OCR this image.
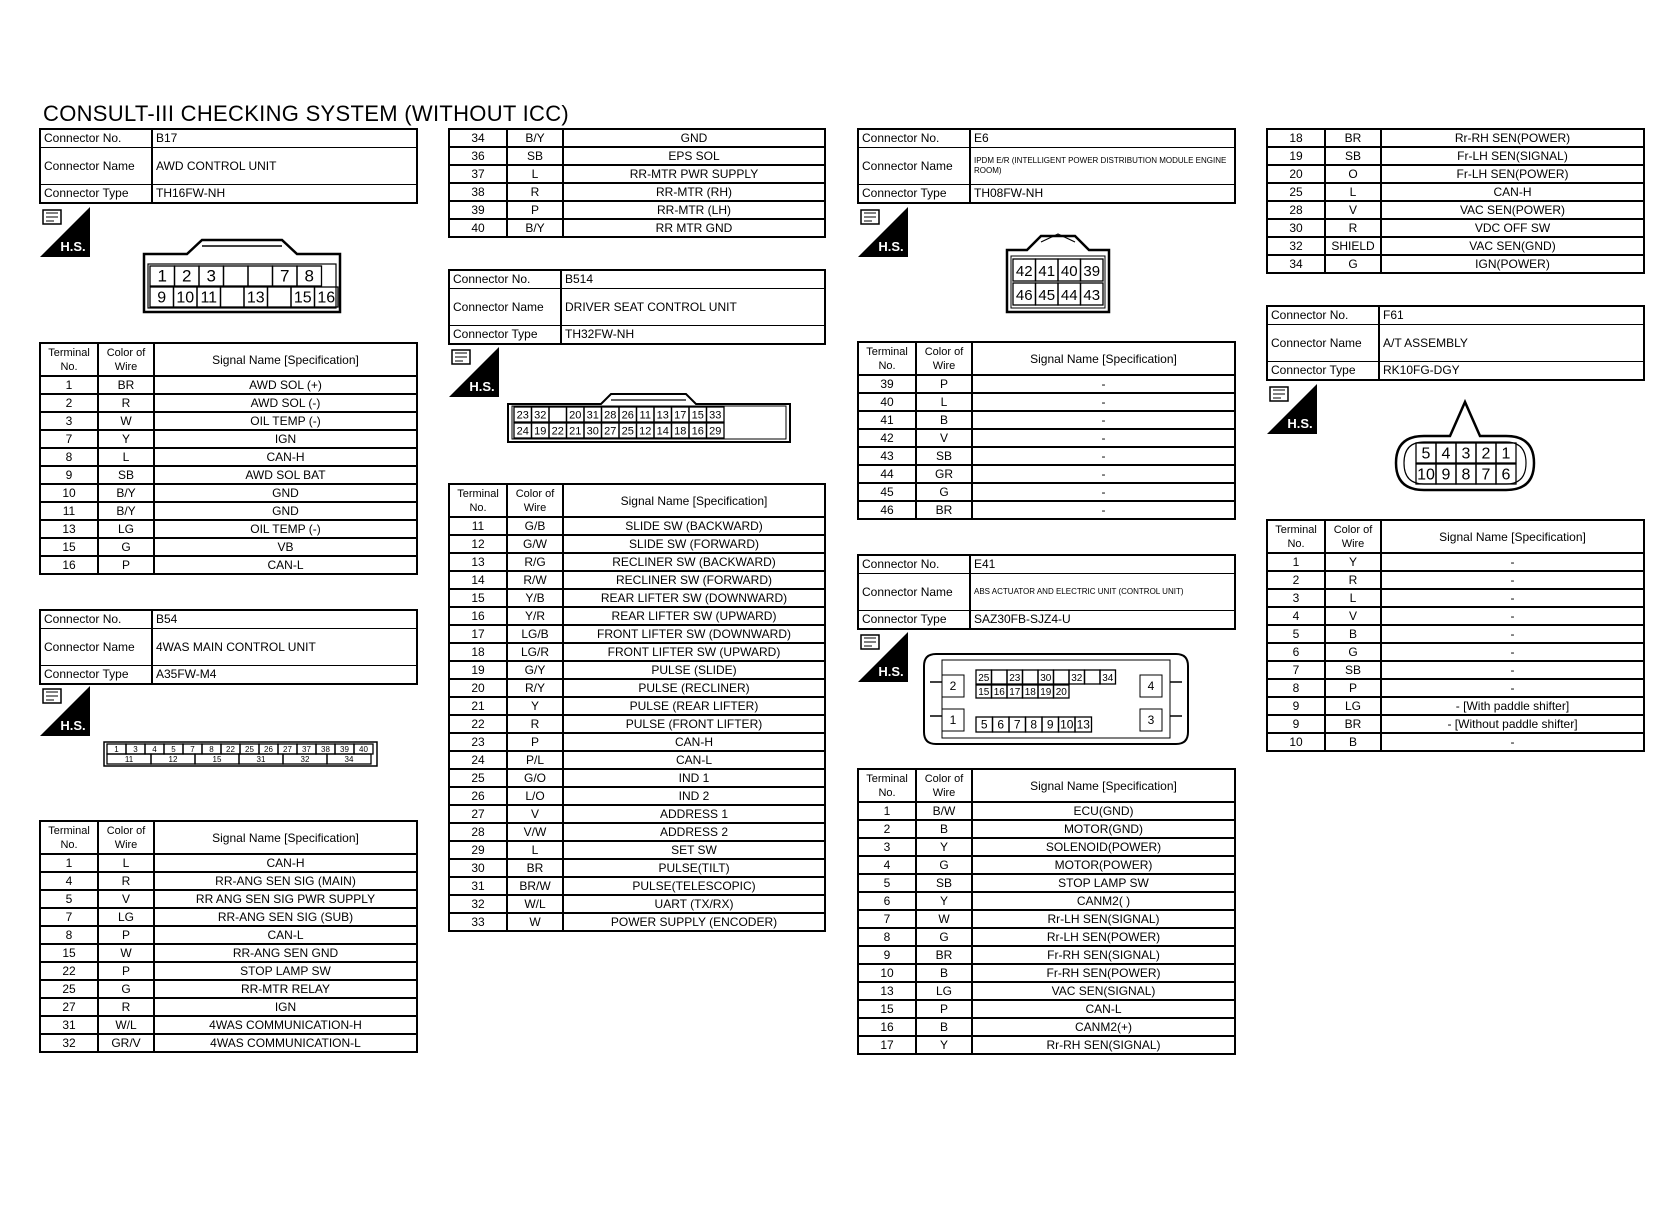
CONSULT-III CHECKING SYSTEM (WITHOUT ICC)
Connector No.	B17
Connector Name	AWD CONTROL UNIT
Connector Type	TH16FW-NH
H.S.
1 2 3	7 8
9 10 11 13 15 16
Terminal No.	Color of Wire	Signal Name [Specification]
1	BR	AWD SOL (+)
2	R	AWD SOL (-)
3	W	OIL TEMP (-)
7	Y	IGN
8	L	CAN-H
9	SB	AWD SOL BAT
10	B/Y	GND
11	B/Y	GND
13	LG	OIL TEMP (-)
15	G	VB
16	P	CAN-L
Connector No.	B54
Connector Name	4WAS MAIN CONTROL UNIT
Connector Type	A35FW-M4
H.S.
1 3 4 5 7 8 22 25 26 27 37 38 39 40
11	12	15	31	32	34
Terminal No.	Color of Wire	Signal Name [Specification]
1	L	CAN-H
4	R	RR-ANG SEN SIG (MAIN)
5	V	RR ANG SEN SIG PWR SUPPLY
7	LG	RR-ANG SEN SIG (SUB)
8	P	CAN-L
15	W	RR-ANG SEN GND
22	P	STOP LAMP SW
25	G	RR-MTR RELAY
27	R	IGN
31	W/L	4WAS COMMUNICATION-H
32	GR/V	4WAS COMMUNICATION-L
34	B/Y	GND
36	SB	EPS SOL
37	L	RR-MTR PWR SUPPLY
38	R	RR-MTR (RH)
39	P	RR-MTR (LH)
40	B/Y	RR MTR GND
Connector No.	B514
Connector Name	DRIVER SEAT CONTROL UNIT
Connector Type	TH32FW-NH
H.S.
23 32 20 31 28 26 11 13 17 15 33
24 19 22 21 30 27 25 12 14 18 16 29
Terminal No.	Color of Wire	Signal Name [Specification]
11	G/B	SLIDE SW (BACKWARD)
12	G/W	SLIDE SW (FORWARD)
13	R/G	RECLINER SW (BACKWARD)
14	R/W	RECLINER SW (FORWARD)
15	Y/B	REAR LIFTER SW (DOWNWARD)
16	Y/R	REAR LIFTER SW (UPWARD)
17	LG/B	FRONT LIFTER SW (DOWNWARD)
18	LG/R	FRONT LIFTER SW (UPWARD)
19	G/Y	PULSE (SLIDE)
20	R/Y	PULSE (RECLINER)
21	Y	PULSE (REAR LIFTER)
22	R	PULSE (FRONT LIFTER)
23	P	CAN-H
24	P/L	CAN-L
25	G/O	IND 1
26	L/O	IND 2
27	V	ADDRESS 1
28	V/W	ADDRESS 2
29	L	SET SW
30	BR	PULSE(TILT)
31	BR/W	PULSE(TELESCOPIC)
32	W/L	UART (TX/RX)
33	W	POWER SUPPLY (ENCODER)
Connector No.	E6
Connector Name	IPDM E/R (INTELLIGENT POWER DISTRIBUTION MODULE ENGINE ROOM)
Connector Type	TH08FW-NH
H.S.
42 41 40 39
46 45 44 43
Terminal No.	Color of Wire	Signal Name [Specification]
39	P	-
40	L	-
41	B	-
42	V	-
43	SB	-
44	GR	-
45	G	-
46	BR	-
Connector No.	E41
Connector Name	ABS ACTUATOR AND ELECTRIC UNIT (CONTROL UNIT)
Connector Type	SAZ30FB-SJZ4-U
H.S.	25 23 30 32 34
15 16 17 18 19 20
5 6 7 8 9 10 13
2
1
4
3
Terminal No.	Color of Wire	Signal Name [Specification]
1	B/W	ECU(GND)
2	B	MOTOR(GND)
3	Y	SOLENOID(POWER)
4	G	MOTOR(POWER)
5	SB	STOP LAMP SW
6	Y	CANM2( )
7	W	Rr-LH SEN(SIGNAL)
8	G	Rr-LH SEN(POWER)
9	BR	Fr-RH SEN(SIGNAL)
10	B	Fr-RH SEN(POWER)
13	LG	VAC SEN(SIGNAL)
15	P	CAN-L
16	B	CANM2(+)
17	Y	Rr-RH SEN(SIGNAL)
18	BR	Rr-RH SEN(POWER)
19	SB	Fr-LH SEN(SIGNAL)
20	O	Fr-LH SEN(POWER)
25	L	CAN-H
28	V	VAC SEN(POWER)
30	R	VDC OFF SW
32	SHIELD	VAC SEN(GND)
34	G	IGN(POWER)
Connector No.	F61
Connector Name	A/T ASSEMBLY
Connector Type	RK10FG-DGY
H.S.
5 4 3 2 1
10 9 8 7 6
Terminal No.	Color of Wire	Signal Name [Specification]
1	Y	-
2	R	-
3	L	-
4	V	-
5	B	-
6	G	-
7	SB	-
8	P	-
9	LG	- [With paddle shifter]
9	BR	- [Without paddle shifter]
10	B	-
